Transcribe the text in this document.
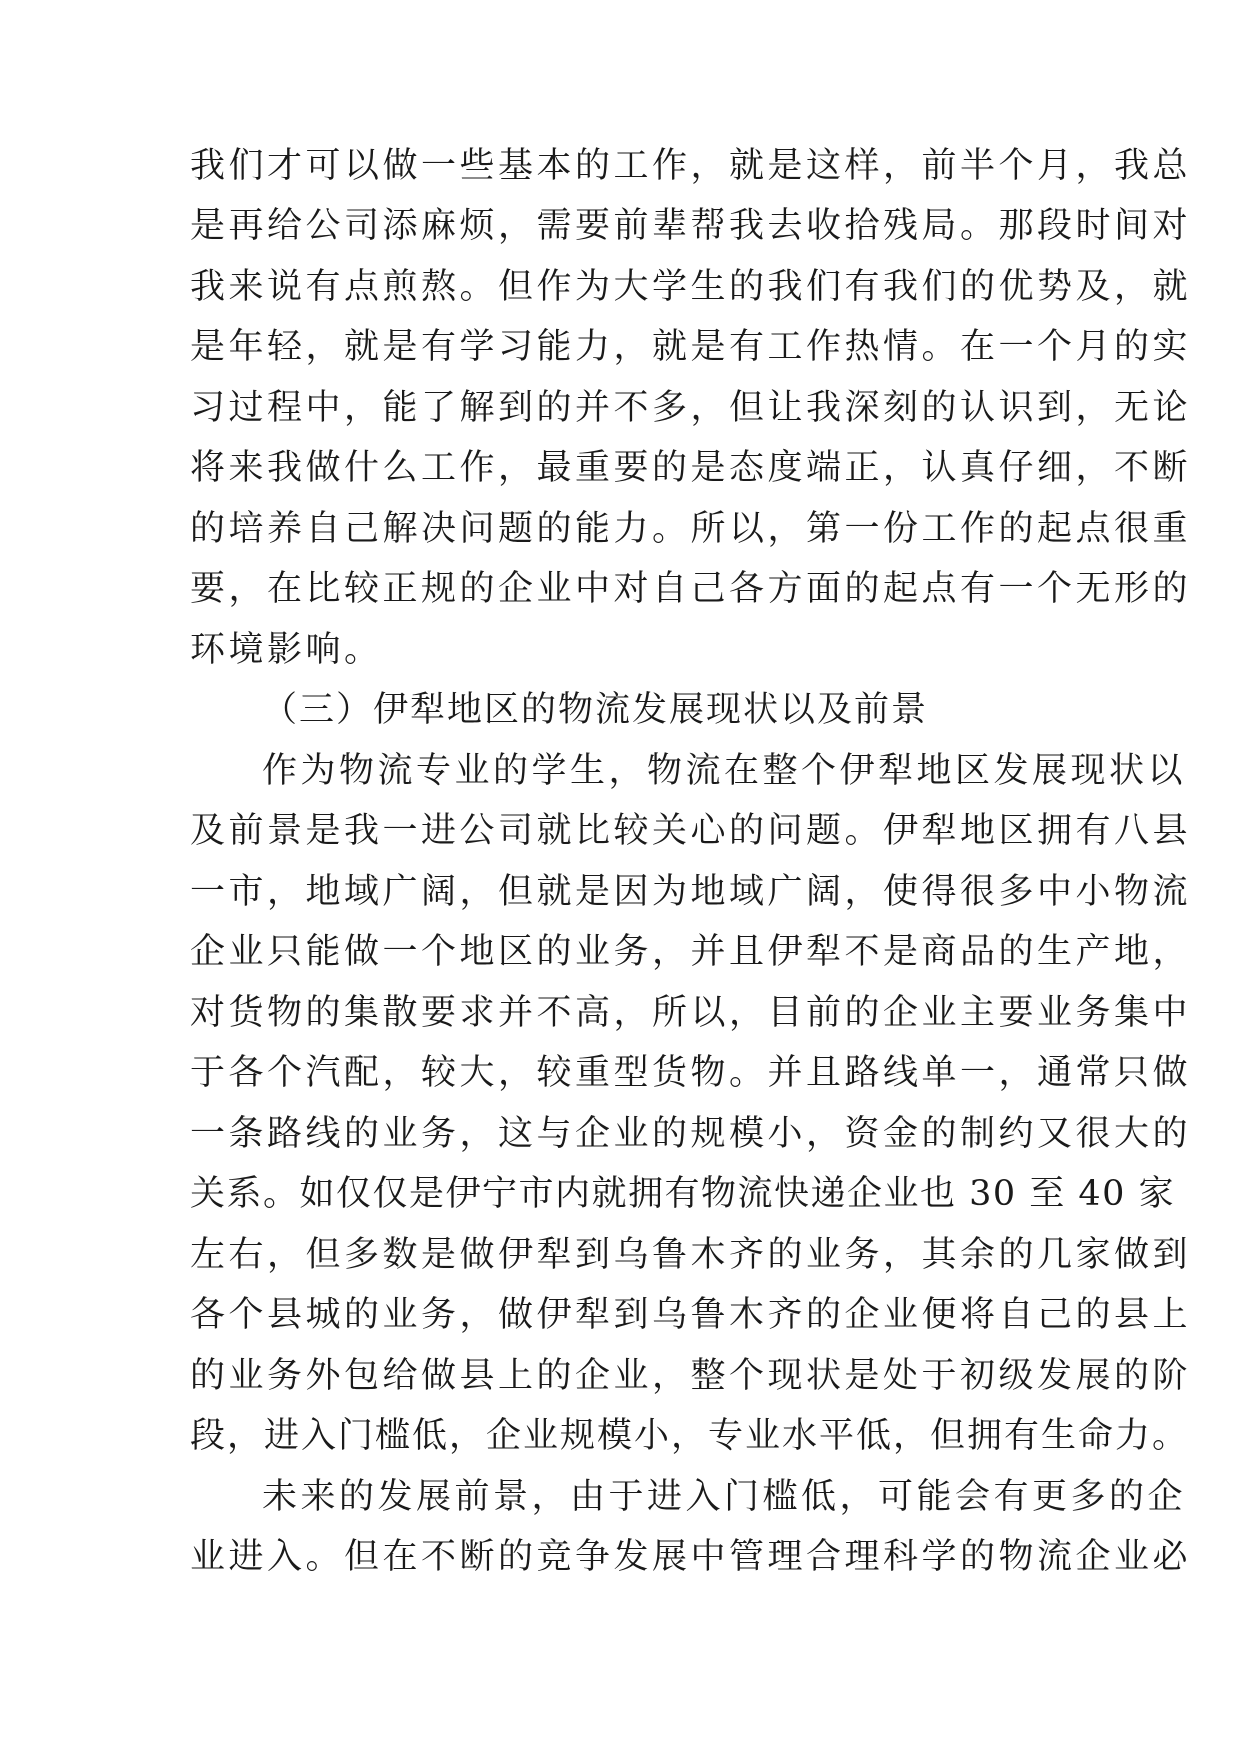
我们才可以做一些基本的工作，就是这样，前半个月，我总
是再给公司添麻烦，需要前辈帮我去收拾残局。那段时间对
我来说有点煎熬。但作为大学生的我们有我们的优势及，就
是年轻，就是有学习能力，就是有工作热情。在一个月的实
习过程中，能了解到的并不多，但让我深刻的认识到，无论
将来我做什么工作，最重要的是态度端正，认真仔细，不断
的培养自己解决问题的能力。所以，第一份工作的起点很重
要，在比较正规的企业中对自己各方面的起点有一个无形的
环境影响。
（三）伊犁地区的物流发展现状以及前景
作为物流专业的学生，物流在整个伊犁地区发展现状以
及前景是我一进公司就比较关心的问题。伊犁地区拥有八县
一市，地域广阔，但就是因为地域广阔，使得很多中小物流
企业只能做一个地区的业务，并且伊犁不是商品的生产地，
对货物的集散要求并不高，所以，目前的企业主要业务集中
于各个汽配，较大，较重型货物。并且路线单一，通常只做
一条路线的业务，这与企业的规模小，资金的制约又很大的
关系。如仅仅是伊宁市内就拥有物流快递企业也 30 至 40 家
左右，但多数是做伊犁到乌鲁木齐的业务，其余的几家做到
各个县城的业务，做伊犁到乌鲁木齐的企业便将自己的县上
的业务外包给做县上的企业，整个现状是处于初级发展的阶
段，进入门槛低，企业规模小，专业水平低，但拥有生命力。
未来的发展前景，由于进入门槛低，可能会有更多的企
业进入。但在不断的竞争发展中管理合理科学的物流企业必
